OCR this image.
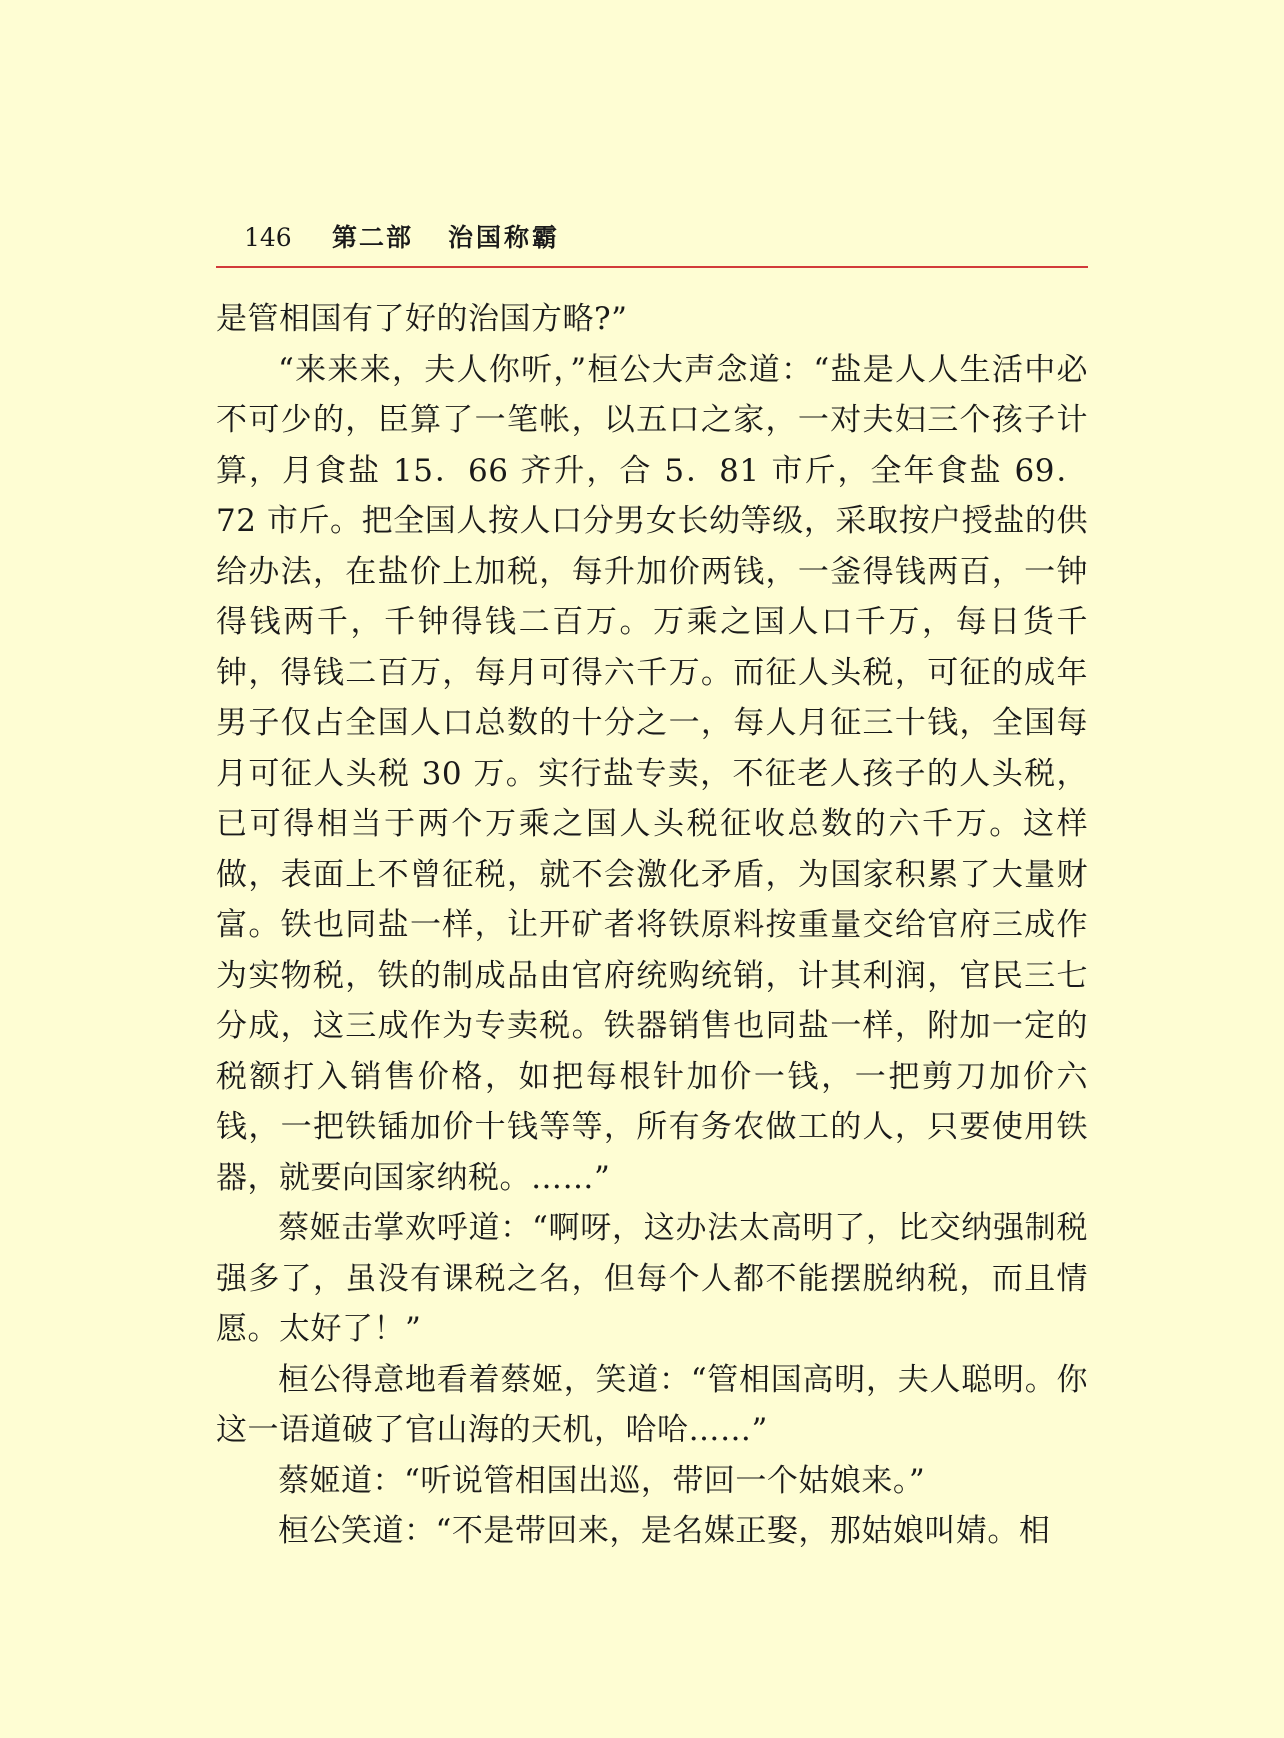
146 第二部 治国称霸

是管相国有了好的治国方略?”

“来来来，夫人你听，”桓公大声念道：“盐是人人生活中必不可少的，臣算了一笔帐，以五口之家，一对夫妇三个孩子计算，月食盐 15．66 齐升，合 5．81 市斤，全年食盐 69．72 市斤。把全国人按人口分男女长幼等级，采取按户授盐的供给办法，在盐价上加税，每升加价两钱，一釜得钱两百，一钟得钱两千，千钟得钱二百万。万乘之国人口千万，每日货千钟，得钱二百万，每月可得六千万。而征人头税，可征的成年男子仅占全国人口总数的十分之一，每人月征三十钱，全国每月可征人头税 30 万。实行盐专卖，不征老人孩子的人头税，已可得相当于两个万乘之国人头税征收总数的六千万。这样做，表面上不曾征税，就不会激化矛盾，为国家积累了大量财富。铁也同盐一样，让开矿者将铁原料按重量交给官府三成作为实物税，铁的制成品由官府统购统销，计其利润，官民三七分成，这三成作为专卖税。铁器销售也同盐一样，附加一定的税额打入销售价格，如把每根针加价一钱，一把剪刀加价六钱，一把铁锸加价十钱等等，所有务农做工的人，只要使用铁器，就要向国家纳税。……”

蔡姬击掌欢呼道：“啊呀，这办法太高明了，比交纳强制税强多了，虽没有课税之名，但每个人都不能摆脱纳税，而且情愿。太好了！”

桓公得意地看着蔡姬，笑道：“管相国高明，夫人聪明。你这一语道破了官山海的天机，哈哈……”

蔡姬道：“听说管相国出巡，带回一个姑娘来。”

桓公笑道：“不是带回来，是名媒正娶，那姑娘叫婧。相
